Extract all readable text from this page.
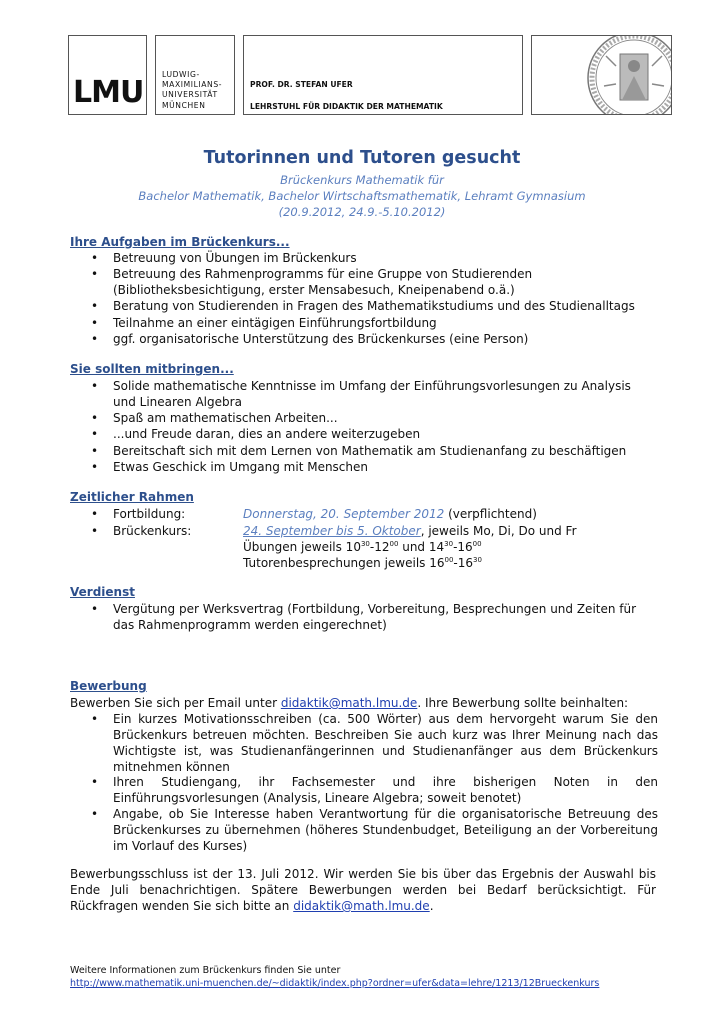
LMU
LUDWIG-
MAXIMILIANS-
UNIVERSITÄT
MÜNCHEN
PROF. DR. STEFAN UFER
LEHRSTUHL FÜR DIDAKTIK DER MATHEMATIK
Tutorinnen und Tutoren gesucht
Brückenkurs Mathematik für
Bachelor Mathematik, Bachelor Wirtschaftsmathematik, Lehramt Gymnasium
(20.9.2012, 24.9.-5.10.2012)
Ihre Aufgaben im Brückenkurs...
• Betreuung von Übungen im Brückenkurs
• Betreuung des Rahmenprogramms für eine Gruppe von Studierenden
(Bibliotheksbesichtigung, erster Mensabesuch, Kneipenabend o.ä.)
• Beratung von Studierenden in Fragen des Mathematikstudiums und des Studienalltags
• Teilnahme an einer eintägigen Einführungsfortbildung
• ggf. organisatorische Unterstützung des Brückenkurses (eine Person)
Sie sollten mitbringen...
• Solide mathematische Kenntnisse im Umfang der Einführungsvorlesungen zu Analysis
und Linearen Algebra
• Spaß am mathematischen Arbeiten...
• ...und Freude daran, dies an andere weiterzugeben
• Bereitschaft sich mit dem Lernen von Mathematik am Studienanfang zu beschäftigen
• Etwas Geschick im Umgang mit Menschen
Zeitlicher Rahmen
• Fortbildung:	Donnerstag, 20. September 2012 (verpflichtend)
• Brückenkurs:	24. September bis 5. Oktober, jeweils Mo, Di, Do und Fr
Übungen jeweils $10^{30}-12^{00}$ und $14^{30}-16^{00}$
Tutorenbesprechungen jeweils $16^{00}-16^{30}$
Verdienst
• Vergütung per Werksvertrag (Fortbildung, Vorbereitung, Besprechungen und Zeiten für
das Rahmenprogramm werden eingerechnet)
Bewerbung
Bewerben Sie sich per Email unter didaktik@math.lmu.de. Ihre Bewerbung sollte beinhalten:
• Ein kurzes Motivationsschreiben (ca. 500 Wörter) aus dem hervorgeht warum Sie den
Brückenkurs betreuen möchten. Beschreiben Sie auch kurz was Ihrer Meinung nach das
Wichtigste ist, was Studienanfängerinnen und Studienanfänger aus dem Brückenkurs
mitnehmen können
• Ihren Studiengang, ihr Fachsemester und ihre bisherigen Noten in den
Einführungsvorlesungen (Analysis, Lineare Algebra; soweit benotet)
• Angabe, ob Sie Interesse haben Verantwortung für die organisatorische Betreuung des
Brückenkurses zu übernehmen (höheres Stundenbudget, Beteiligung an der Vorbereitung
im Vorlauf des Kurses)
Bewerbungsschluss ist der 13. Juli 2012. Wir werden Sie bis über das Ergebnis der Auswahl bis
Ende Juli benachrichtigen. Spätere Bewerbungen werden bei Bedarf berücksichtigt. Für
Rückfragen wenden Sie sich bitte an didaktik@math.lmu.de.
Weitere Informationen zum Brückenkurs finden Sie unter
http://www.mathematik.uni-muenchen.de/~didaktik/index.php?ordner=ufer&data=lehre/1213/12Brueckenkurs
